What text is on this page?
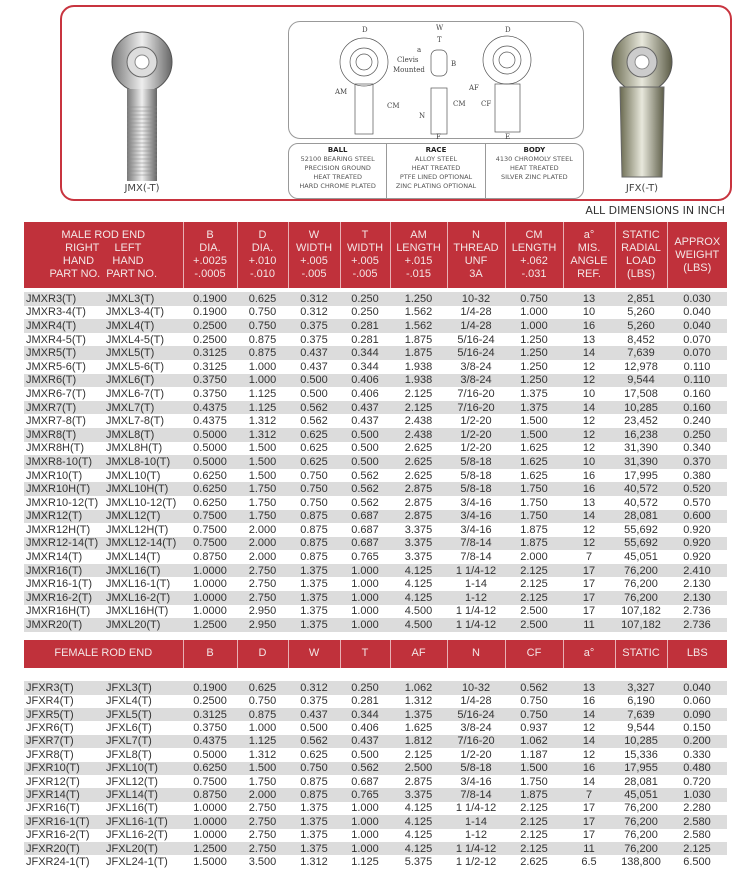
JMX(-T)
D	W
T
B
a
Clevis
Mounted
AM
CM
N
CM
F
D
AF
CF
E
BALL
52100 BEARING STEEL
PRECISION GROUND
HEAT TREATED
HARD CHROME PLATED
RACE
ALLOY STEEL
HEAT TREATED
PTFE LINED OPTIONAL
ZINC PLATING OPTIONAL
BODY
4130 CHROMOLY STEEL
HEAT TREATED
SILVER ZINC PLATED
JFX(-T)
ALL DIMENSIONS IN INCH
MALE ROD END
RIGHT     LEFT
HAND      HAND
PART NO.  PART NO.		B
DIA.
+.0025
-.0005	D
DIA.
+.010
-.010	W
WIDTH
+.005
-.005	T
WIDTH
+.005
-.005	AM
LENGTH
+.015
-.015	N
THREAD
UNF
3A	CM
LENGTH
+.062
-.031	a°
MIS.
ANGLE
REF.	STATIC
RADIAL
LOAD
(LBS)	APPROX
WEIGHT
(LBS)

JMXR3(T)	JMXL3(T)	0.1900	0.625	0.312	0.250	1.250	10-32	0.750	13	2,851	0.030
JMXR3-4(T)	JMXL3-4(T)	0.1900	0.750	0.312	0.250	1.562	1/4-28	1.000	10	5,260	0.040
JMXR4(T)	JMXL4(T)	0.2500	0.750	0.375	0.281	1.562	1/4-28	1.000	16	5,260	0.040
JMXR4-5(T)	JMXL4-5(T)	0.2500	0.875	0.375	0.281	1.875	5/16-24	1.250	13	8,452	0.070
JMXR5(T)	JMXL5(T)	0.3125	0.875	0.437	0.344	1.875	5/16-24	1.250	14	7,639	0.070
JMXR5-6(T)	JMXL5-6(T)	0.3125	1.000	0.437	0.344	1.938	3/8-24	1.250	12	12,978	0.110
JMXR6(T)	JMXL6(T)	0.3750	1.000	0.500	0.406	1.938	3/8-24	1.250	12	9,544	0.110
JMXR6-7(T)	JMXL6-7(T)	0.3750	1.125	0.500	0.406	2.125	7/16-20	1.375	10	17,508	0.160
JMXR7(T)	JMXL7(T)	0.4375	1.125	0.562	0.437	2.125	7/16-20	1.375	14	10,285	0.160
JMXR7-8(T)	JMXL7-8(T)	0.4375	1.312	0.562	0.437	2.438	1/2-20	1.500	12	23,452	0.240
JMXR8(T)	JMXL8(T)	0.5000	1.312	0.625	0.500	2.438	1/2-20	1.500	12	16,238	0.250
JMXR8H(T)	JMXL8H(T)	0.5000	1.500	0.625	0.500	2.625	1/2-20	1.625	12	31,390	0.340
JMXR8-10(T)	JMXL8-10(T)	0.5000	1.500	0.625	0.500	2.625	5/8-18	1.625	10	31,390	0.370
JMXR10(T)	JMXL10(T)	0.6250	1.500	0.750	0.562	2.625	5/8-18	1.625	16	17,995	0.380
JMXR10H(T)	JMXL10H(T)	0.6250	1.750	0.750	0.562	2.875	5/8-18	1.750	16	40,572	0.520
JMXR10-12(T)	JMXL10-12(T)	0.6250	1.750	0.750	0.562	2.875	3/4-16	1.750	13	40,572	0.570
JMXR12(T)	JMXL12(T)	0.7500	1.750	0.875	0.687	2.875	3/4-16	1.750	14	28,081	0.600
JMXR12H(T)	JMXL12H(T)	0.7500	2.000	0.875	0.687	3.375	3/4-16	1.875	12	55,692	0.920
JMXR12-14(T)	JMXL12-14(T)	0.7500	2.000	0.875	0.687	3.375	7/8-14	1.875	12	55,692	0.920
JMXR14(T)	JMXL14(T)	0.8750	2.000	0.875	0.765	3.375	7/8-14	2.000	7	45,051	0.920
JMXR16(T)	JMXL16(T)	1.0000	2.750	1.375	1.000	4.125	1 1/4-12	2.125	17	76,200	2.410
JMXR16-1(T)	JMXL16-1(T)	1.0000	2.750	1.375	1.000	4.125	1-14	2.125	17	76,200	2.130
JMXR16-2(T)	JMXL16-2(T)	1.0000	2.750	1.375	1.000	4.125	1-12	2.125	17	76,200	2.130
JMXR16H(T)	JMXL16H(T)	1.0000	2.950	1.375	1.000	4.500	1 1/4-12	2.500	17	107,182	2.736
JMXR20(T)	JMXL20(T)	1.2500	2.950	1.375	1.000	4.500	1 1/4-12	2.500	11	107,182	2.736
FEMALE ROD END		B	D	W	T	AF	N	CF	a°	STATIC	LBS

JFXR3(T)	JFXL3(T)	0.1900	0.625	0.312	0.250	1.062	10-32	0.562	13	3,327	0.040
JFXR4(T)	JFXL4(T)	0.2500	0.750	0.375	0.281	1.312	1/4-28	0.750	16	6,190	0.060
JFXR5(T)	JFXL5(T)	0.3125	0.875	0.437	0.344	1.375	5/16-24	0.750	14	7,639	0.090
JFXR6(T)	JFXL6(T)	0.3750	1.000	0.500	0.406	1.625	3/8-24	0.937	12	9,544	0.150
JFXR7(T)	JFXL7(T)	0.4375	1.125	0.562	0.437	1.812	7/16-20	1.062	14	10,285	0.200
JFXR8(T)	JFXL8(T)	0.5000	1.312	0.625	0.500	2.125	1/2-20	1.187	12	15,336	0.330
JFXR10(T)	JFXL10(T)	0.6250	1.500	0.750	0.562	2.500	5/8-18	1.500	16	17,955	0.480
JFXR12(T)	JFXL12(T)	0.7500	1.750	0.875	0.687	2.875	3/4-16	1.750	14	28,081	0.720
JFXR14(T)	JFXL14(T)	0.8750	2.000	0.875	0.765	3.375	7/8-14	1.875	7	45,051	1.030
JFXR16(T)	JFXL16(T)	1.0000	2.750	1.375	1.000	4.125	1 1/4-12	2.125	17	76,200	2.280
JFXR16-1(T)	JFXL16-1(T)	1.0000	2.750	1.375	1.000	4.125	1-14	2.125	17	76,200	2.580
JFXR16-2(T)	JFXL16-2(T)	1.0000	2.750	1.375	1.000	4.125	1-12	2.125	17	76,200	2.580
JFXR20(T)	JFXL20(T)	1.2500	2.750	1.375	1.000	4.125	1 1/4-12	2.125	11	76,200	2.125
JFXR24-1(T)	JFXL24-1(T)	1.5000	3.500	1.312	1.125	5.375	1 1/2-12	2.625	6.5	138,800	6.500
